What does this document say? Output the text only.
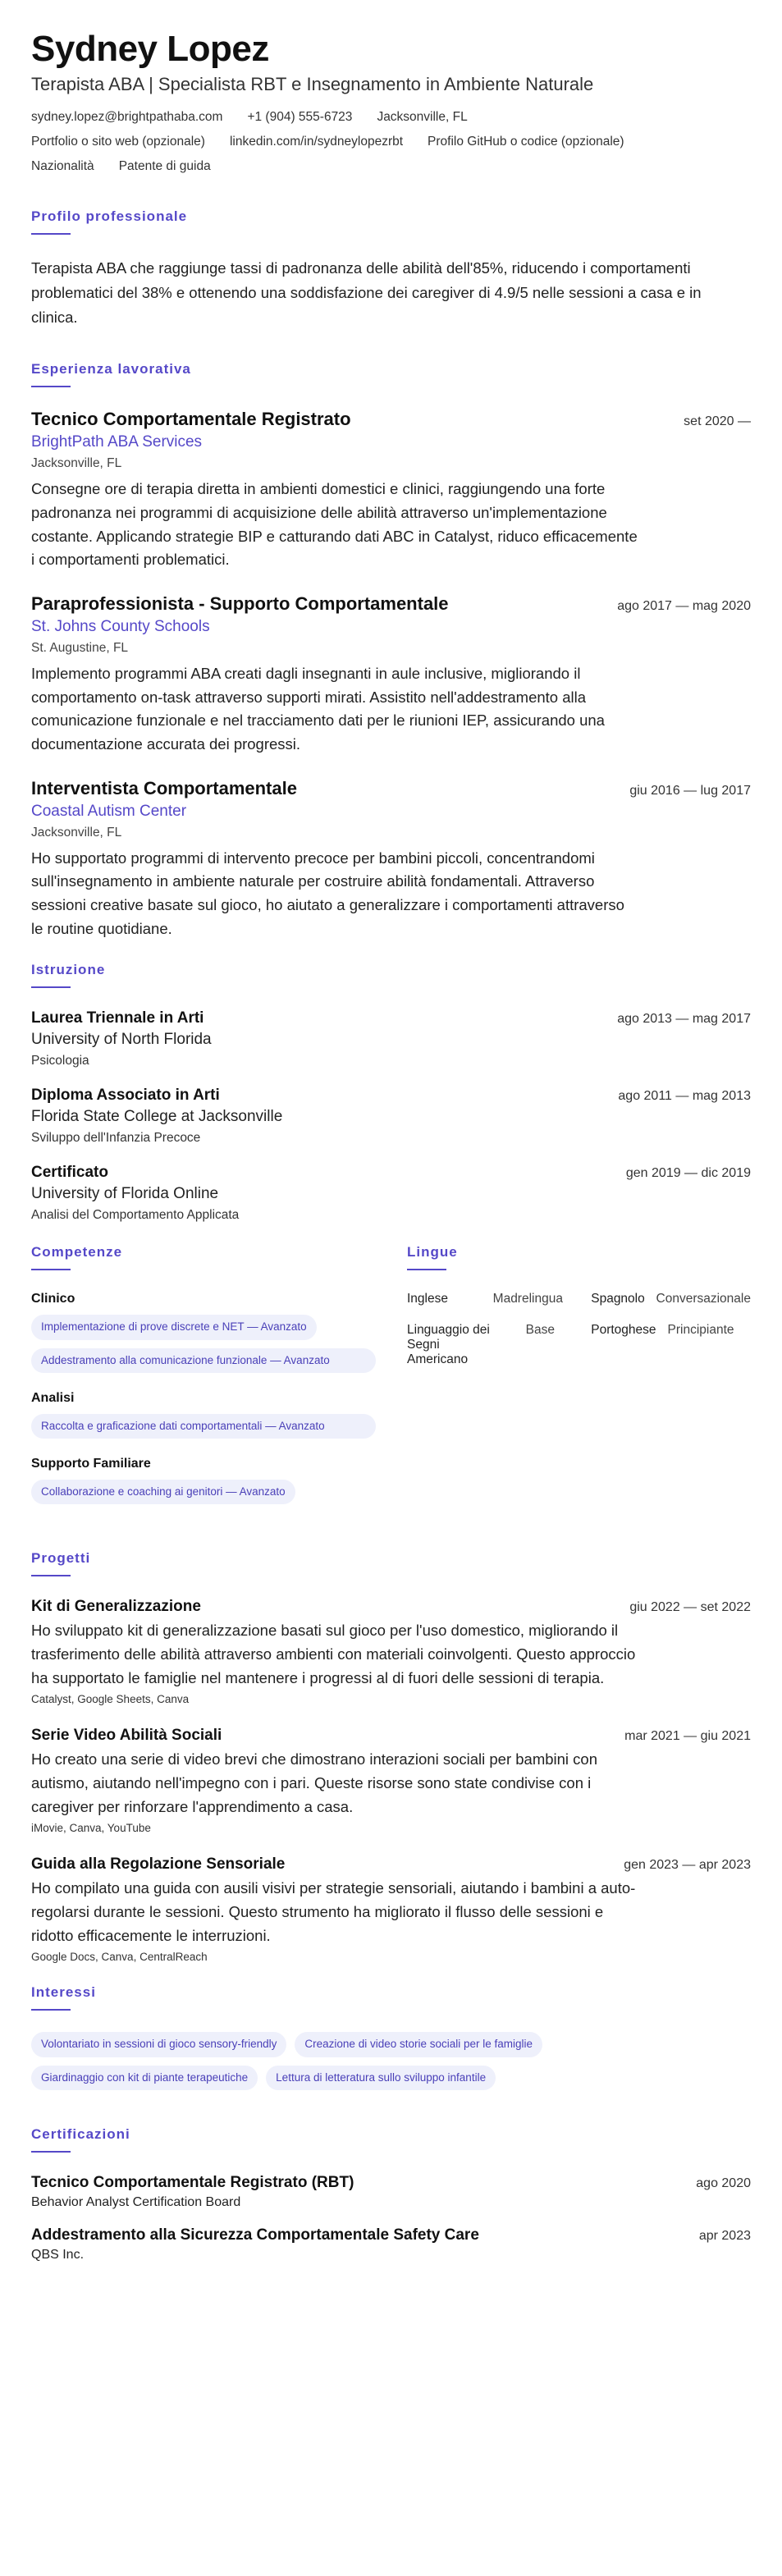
Sydney Lopez
Terapista ABA | Specialista RBT e Insegnamento in Ambiente Naturale
sydney.lopez@brightpathaba.com +1 (904) 555-6723 Jacksonville, FL
Portfolio o sito web (opzionale) linkedin.com/in/sydneylopezrbt Profilo GitHub o codice (opzionale)
Nazionalità Patente di guida
Profilo professionale
Terapista ABA che raggiunge tassi di padronanza delle abilità dell'85%, riducendo i comportamenti problematici del 38% e ottenendo una soddisfazione dei caregiver di 4.9/5 nelle sessioni a casa e in clinica.
Esperienza lavorativa
Tecnico Comportamentale Registrato	set 2020 —
BrightPath ABA Services
Jacksonville, FL
Consegne ore di terapia diretta in ambienti domestici e clinici, raggiungendo una forte padronanza nei programmi di acquisizione delle abilità attraverso un'implementazione costante. Applicando strategie BIP e catturando dati ABC in Catalyst, riduco efficacemente i comportamenti problematici.
Paraprofessionista - Supporto Comportamentale	ago 2017 — mag 2020
St. Johns County Schools
St. Augustine, FL
Implemento programmi ABA creati dagli insegnanti in aule inclusive, migliorando il comportamento on-task attraverso supporti mirati. Assistito nell'addestramento alla comunicazione funzionale e nel tracciamento dati per le riunioni IEP, assicurando una documentazione accurata dei progressi.
Interventista Comportamentale	giu 2016 — lug 2017
Coastal Autism Center
Jacksonville, FL
Ho supportato programmi di intervento precoce per bambini piccoli, concentrandomi sull'insegnamento in ambiente naturale per costruire abilità fondamentali. Attraverso sessioni creative basate sul gioco, ho aiutato a generalizzare i comportamenti attraverso le routine quotidiane.
Istruzione
Laurea Triennale in Arti	ago 2013 — mag 2017
University of North Florida
Psicologia
Diploma Associato in Arti	ago 2011 — mag 2013
Florida State College at Jacksonville
Sviluppo dell'Infanzia Precoce
Certificato	gen 2019 — dic 2019
University of Florida Online
Analisi del Comportamento Applicata
Competenze
Clinico
Implementazione di prove discrete e NET — Avanzato

Addestramento alla comunicazione funzionale — Avanzato
Analisi
Raccolta e graficazione dati comportamentali — Avanzato
Supporto Familiare
Collaborazione e coaching ai genitori — Avanzato
Lingue
Inglese	Madrelingua	Spagnolo	Conversazionale
Linguaggio dei Segni Americano	Base	Portoghese	Principiante
Progetti
Kit di Generalizzazione	giu 2022 — set 2022
Ho sviluppato kit di generalizzazione basati sul gioco per l'uso domestico, migliorando il trasferimento delle abilità attraverso ambienti con materiali coinvolgenti. Questo approccio ha supportato le famiglie nel mantenere i progressi al di fuori delle sessioni di terapia.
Catalyst, Google Sheets, Canva
Serie Video Abilità Sociali	mar 2021 — giu 2021
Ho creato una serie di video brevi che dimostrano interazioni sociali per bambini con autismo, aiutando nell'impegno con i pari. Queste risorse sono state condivise con i caregiver per rinforzare l'apprendimento a casa.
iMovie, Canva, YouTube
Guida alla Regolazione Sensoriale	gen 2023 — apr 2023
Ho compilato una guida con ausili visivi per strategie sensoriali, aiutando i bambini a auto-regolarsi durante le sessioni. Questo strumento ha migliorato il flusso delle sessioni e ridotto efficacemente le interruzioni.
Google Docs, Canva, CentralReach
Interessi
Volontariato in sessioni di gioco sensory-friendly	Creazione di video storie sociali per le famiglie
Giardinaggio con kit di piante terapeutiche	Lettura di letteratura sullo sviluppo infantile
Certificazioni
Tecnico Comportamentale Registrato (RBT)	ago 2020
Behavior Analyst Certification Board
Addestramento alla Sicurezza Comportamentale Safety Care	apr 2023
QBS Inc.
